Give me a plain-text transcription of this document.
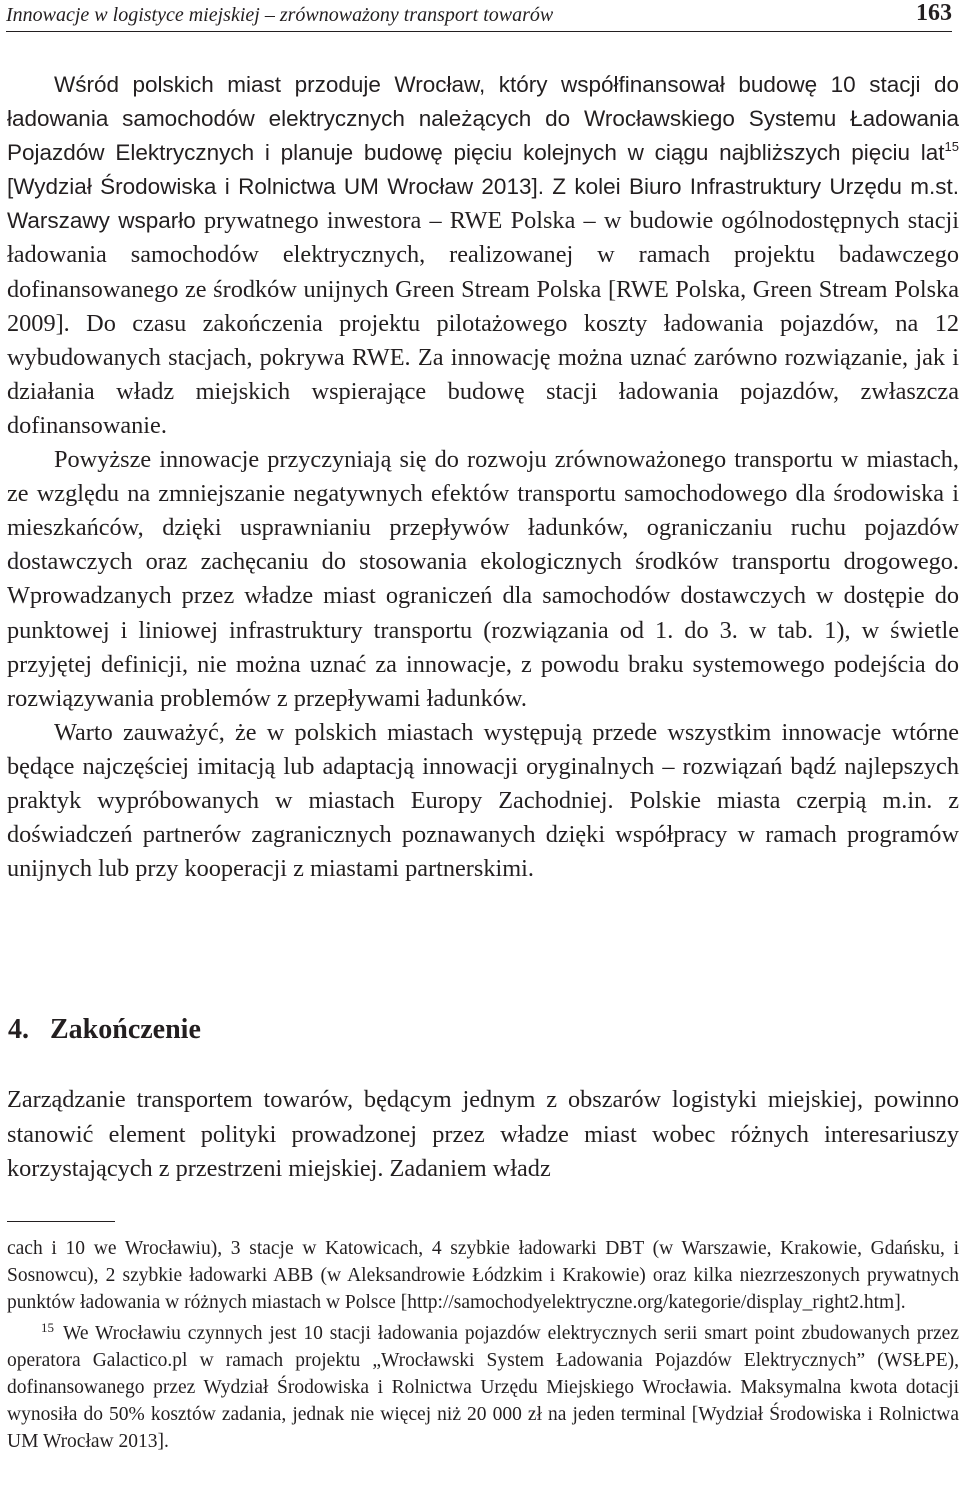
Innowacje w logistyce miejskiej – zrównoważony transport towarów	163

Wśród polskich miast przoduje Wrocław, który współfinansował budowę 10 stacji do ładowania samochodów elektrycznych należących do Wrocławskiego Systemu Ładowania Pojazdów Elektrycznych i planuje budowę pięciu kolejnych w ciągu najbliższych pięciu lat$^{15}$ [Wydział Środowiska i Rolnictwa UM Wrocław 2013]. Z kolei Biuro Infrastruktury Urzędu m.st. Warszawy wsparło prywatnego inwestora – RWE Polska – w budowie ogólnodostępnych stacji ładowania samochodów elektrycznych, realizowanej w ramach projektu badawczego dofinansowanego ze środków unijnych Green Stream Polska [RWE Polska, Green Stream Polska 2009]. Do czasu zakończenia projektu pilotażowego koszty ładowania pojazdów, na 12 wybudowanych stacjach, pokrywa RWE. Za innowację można uznać zarówno rozwiązanie, jak i działania władz miejskich wspierające budowę stacji ładowania pojazdów, zwłaszcza dofinansowanie.

Powyższe innowacje przyczyniają się do rozwoju zrównoważonego transportu w miastach, ze względu na zmniejszanie negatywnych efektów transportu samochodowego dla środowiska i mieszkańców, dzięki usprawnianiu przepływów ładunków, ograniczaniu ruchu pojazdów dostawczych oraz zachęcaniu do stosowania ekologicznych środków transportu drogowego. Wprowadzanych przez władze miast ograniczeń dla samochodów dostawczych w dostępie do punktowej i liniowej infrastruktury transportu (rozwiązania od 1. do 3. w tab. 1), w świetle przyjętej definicji, nie można uznać za innowacje, z powodu braku systemowego podejścia do rozwiązywania problemów z przepływami ładunków.

Warto zauważyć, że w polskich miastach występują przede wszystkim innowacje wtórne będące najczęściej imitacją lub adaptacją innowacji oryginalnych – rozwiązań bądź najlepszych praktyk wypróbowanych w miastach Europy Zachodniej. Polskie miasta czerpią m.in. z doświadczeń partnerów zagranicznych poznawanych dzięki współpracy w ramach programów unijnych lub przy kooperacji z miastami partnerskimi.

4. Zakończenie

Zarządzanie transportem towarów, będącym jednym z obszarów logistyki miejskiej, powinno stanowić element polityki prowadzonej przez władze miast wobec różnych interesariuszy korzystających z przestrzeni miejskiej. Zadaniem władz

cach i 10 we Wrocławiu), 3 stacje w Katowicach, 4 szybkie ładowarki DBT (w Warszawie, Krakowie, Gdańsku, i Sosnowcu), 2 szybkie ładowarki ABB (w Aleksandrowie Łódzkim i Krakowie) oraz kilka niezrzeszonych prywatnych punktów ładowania w różnych miastach w Polsce [http://samochodyelektryczne.org/kategorie/display_right2.htm].

15 We Wrocławiu czynnych jest 10 stacji ładowania pojazdów elektrycznych serii smart point zbudowanych przez operatora Galactico.pl w ramach projektu „Wrocławski System Ładowania Pojazdów Elektrycznych” (WSŁPE), dofinansowanego przez Wydział Środowiska i Rolnictwa Urzędu Miejskiego Wrocławia. Maksymalna kwota dotacji wynosiła do 50% kosztów zadania, jednak nie więcej niż 20 000 zł na jeden terminal [Wydział Środowiska i Rolnictwa UM Wrocław 2013].
